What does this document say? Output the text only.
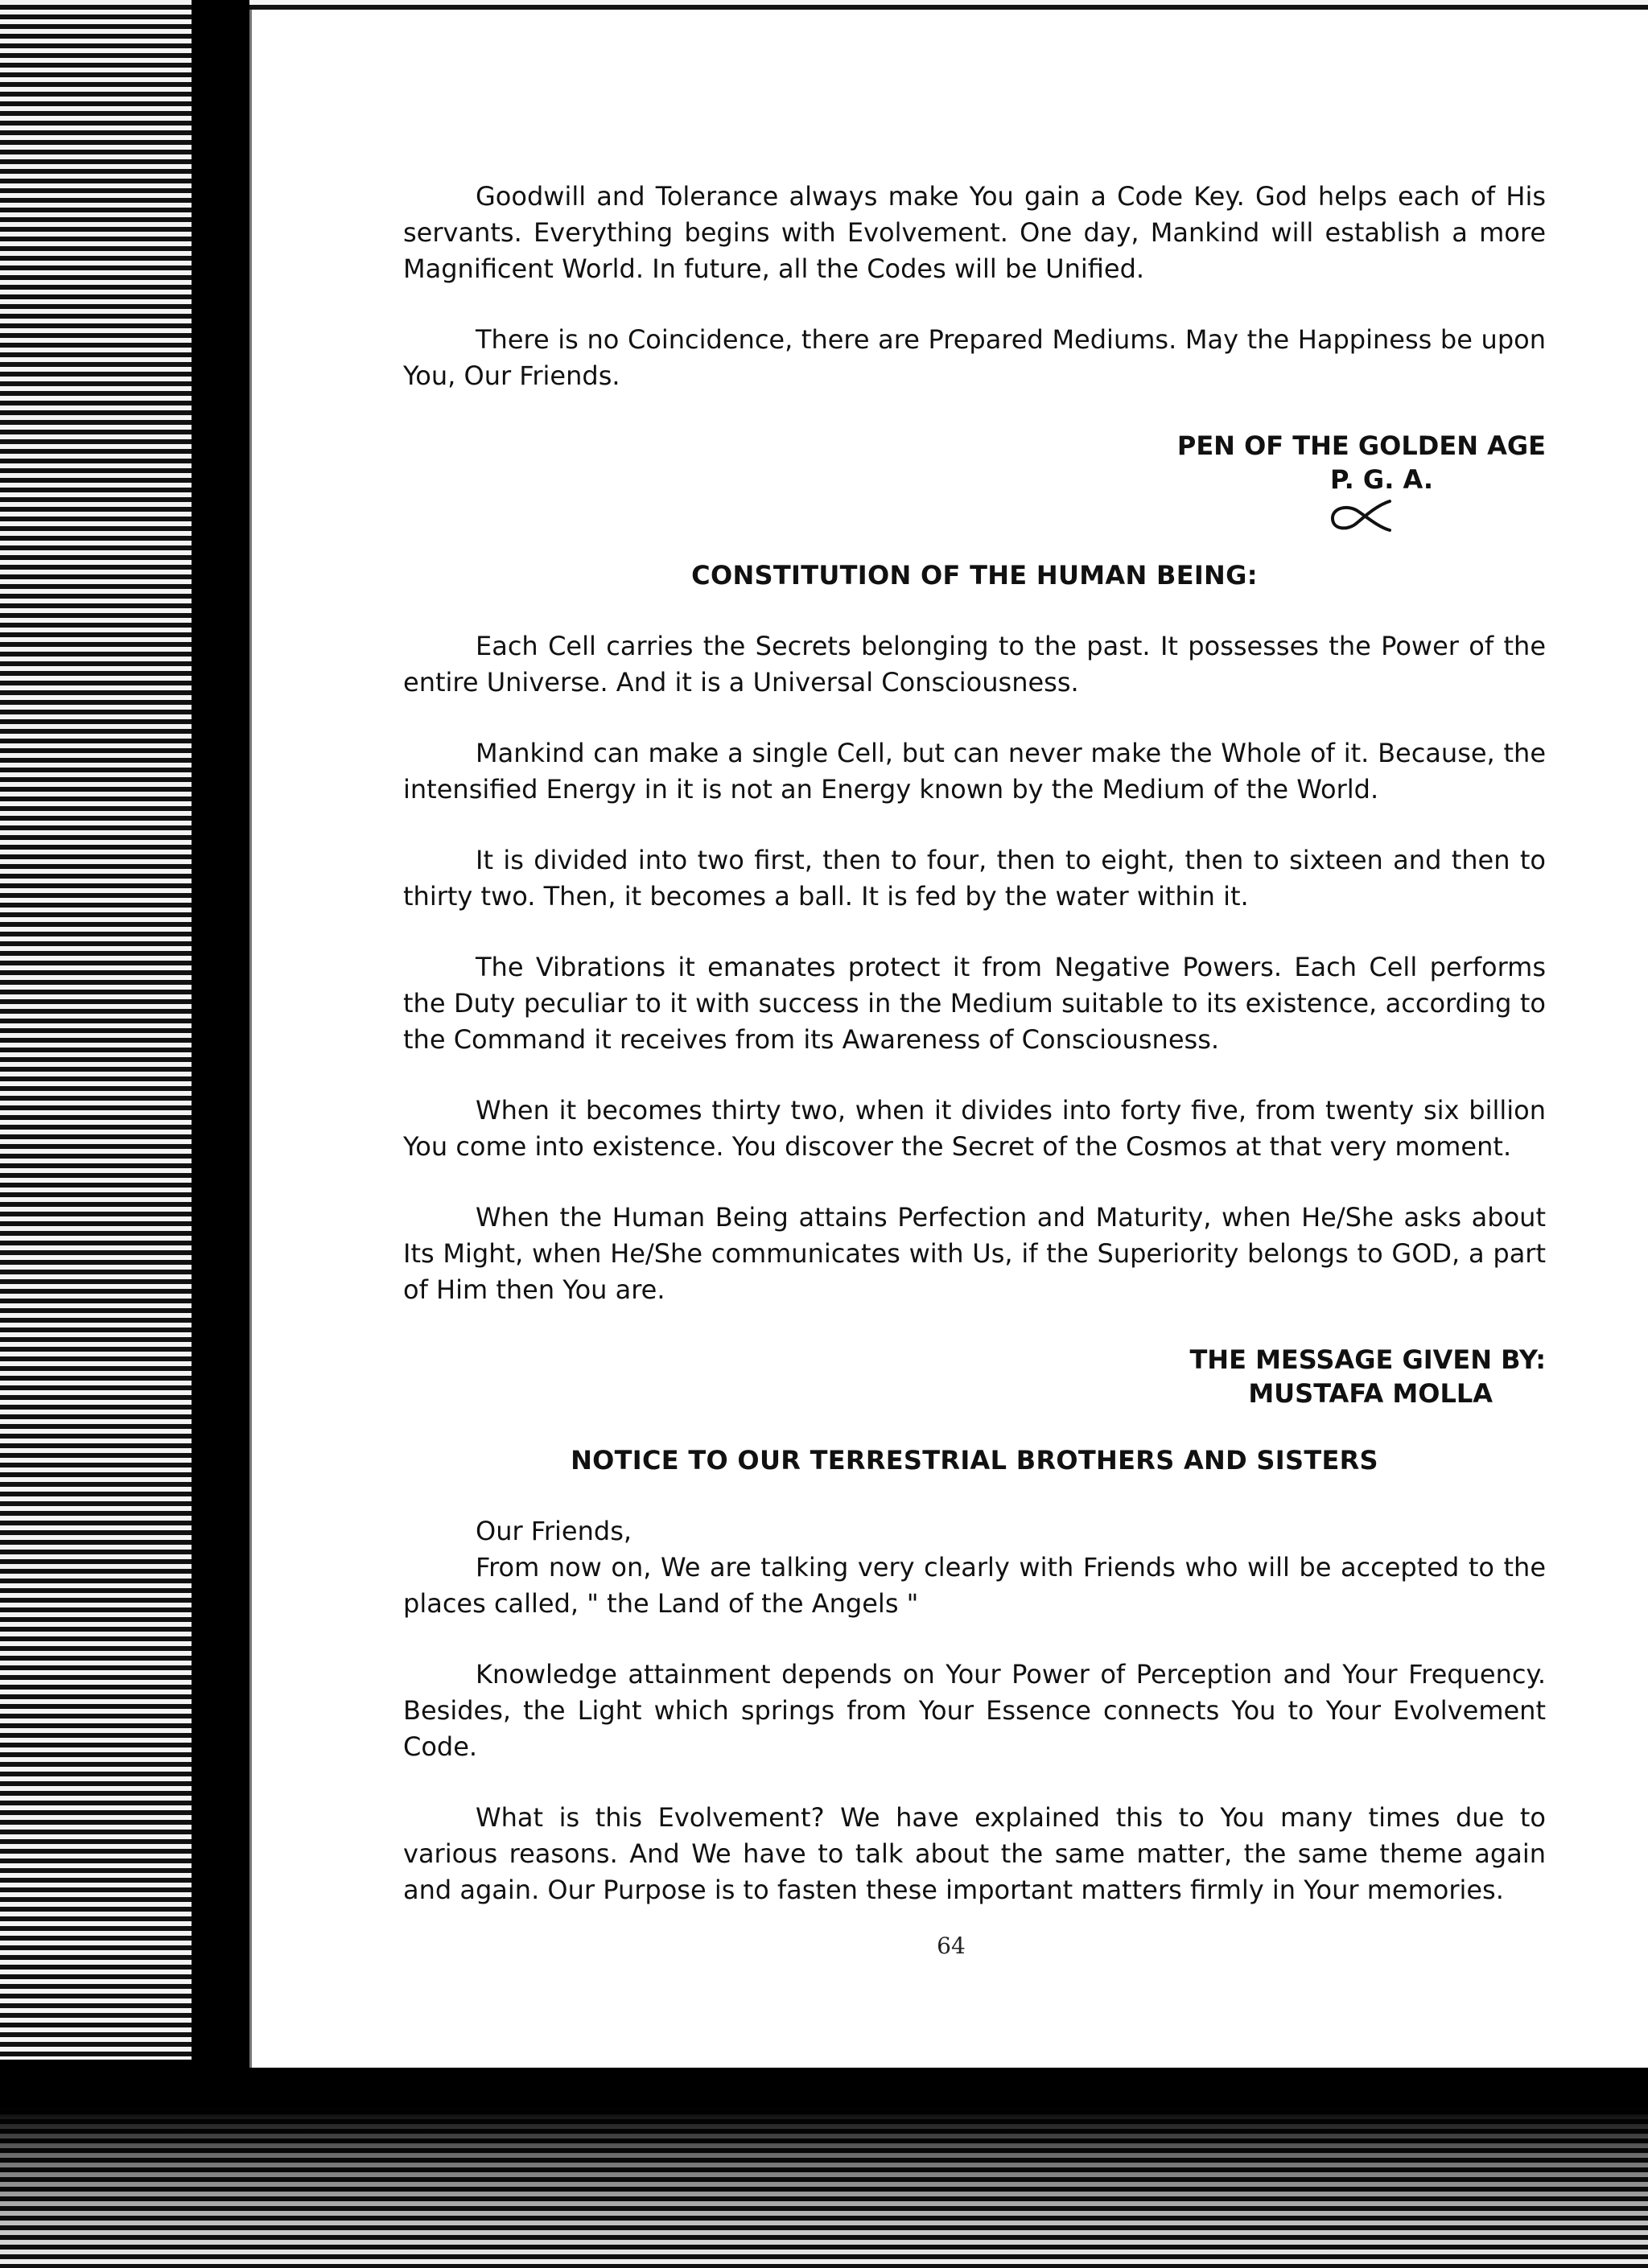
Goodwill and Tolerance always make You gain a Code Key. God helps each of His servants. Everything begins with Evolvement. One day, Mankind will establish a more Magnificent World. In future, all the Codes will be Unified.

There is no Coincidence, there are Prepared Mediums. May the Happiness be upon You, Our Friends.

PEN OF THE GOLDEN AGE
P. G. A.
CONSTITUTION OF THE HUMAN BEING:

Each Cell carries the Secrets belonging to the past. It possesses the Power of the entire Universe. And it is a Universal Consciousness.

Mankind can make a single Cell, but can never make the Whole of it. Because, the intensified Energy in it is not an Energy known by the Medium of the World.

It is divided into two first, then to four, then to eight, then to sixteen and then to thirty two. Then, it becomes a ball. It is fed by the water within it.

The Vibrations it emanates protect it from Negative Powers. Each Cell performs the Duty peculiar to it with success in the Medium suitable to its existence, according to the Command it receives from its Awareness of Consciousness.

When it becomes thirty two, when it divides into forty five, from twenty six billion You come into existence. You discover the Secret of the Cosmos at that very moment.

When the Human Being attains Perfection and Maturity, when He/She asks about Its Might, when He/She communicates with Us, if the Superiority belongs to GOD, a part of Him then You are.

THE MESSAGE GIVEN BY:
MUSTAFA MOLLA
NOTICE TO OUR TERRESTRIAL BROTHERS AND SISTERS

Our Friends,

From now on, We are talking very clearly with Friends who will be accepted to the places called, " the Land of the Angels "

Knowledge attainment depends on Your Power of Perception and Your Frequency. Besides, the Light which springs from Your Essence connects You to Your Evolvement Code.

What is this Evolvement? We have explained this to You many times due to various reasons. And We have to talk about the same matter, the same theme again and again. Our Purpose is to fasten these important matters firmly in Your memories.

64
